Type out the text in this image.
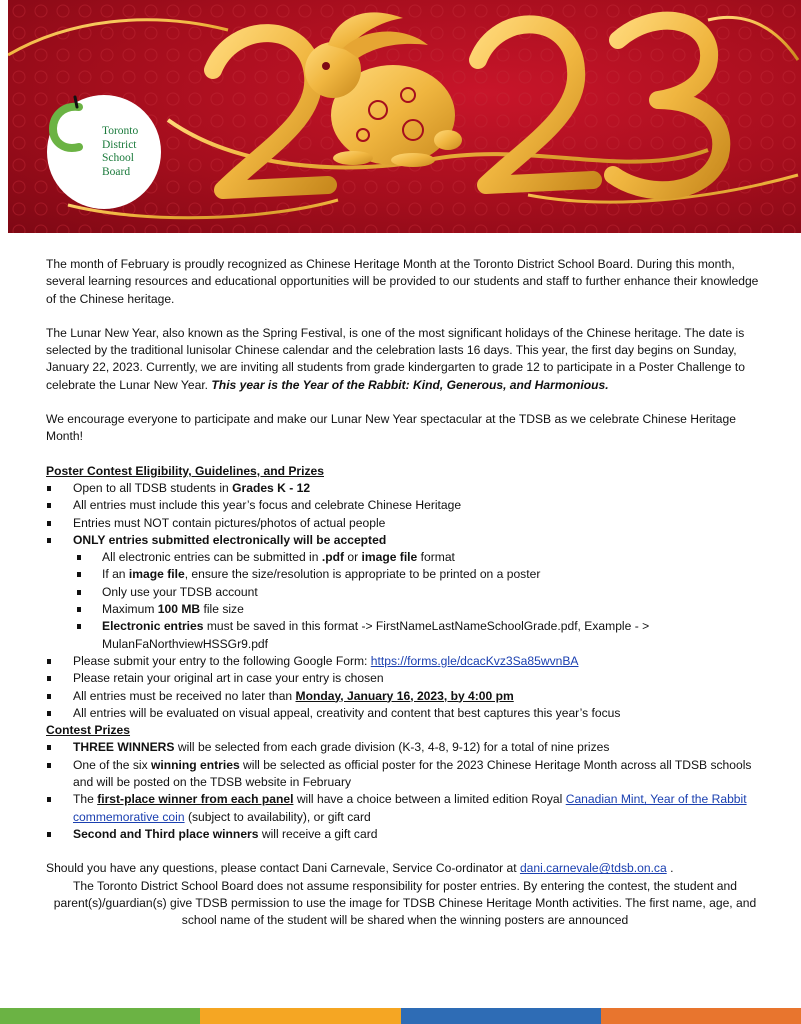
Toronto
District
School
Board

The month of February is proudly recognized as Chinese Heritage Month at the Toronto District School Board. During this month, several learning resources and educational opportunities will be provided to our students and staff to further enhance their knowledge of the Chinese heritage.

The Lunar New Year, also known as the Spring Festival, is one of the most significant holidays of the Chinese heritage. The date is selected by the traditional lunisolar Chinese calendar and the celebration lasts 16 days. This year, the first day begins on Sunday, January 22, 2023. Currently, we are inviting all students from grade kindergarten to grade 12 to participate in a Poster Challenge to celebrate the Lunar New Year. This year is the Year of the Rabbit: Kind, Generous, and Harmonious.

We encourage everyone to participate and make our Lunar New Year spectacular at the TDSB as we celebrate Chinese Heritage Month!

Poster Contest Eligibility, Guidelines, and Prizes
Open to all TDSB students in Grades K - 12
All entries must include this year’s focus and celebrate Chinese Heritage
Entries must NOT contain pictures/photos of actual people
ONLY entries submitted electronically will be accepted
All electronic entries can be submitted in .pdf or image file format
If an image file, ensure the size/resolution is appropriate to be printed on a poster
Only use your TDSB account
Maximum 100 MB file size
Electronic entries must be saved in this format -> FirstNameLastNameSchoolGrade.pdf, Example - > MulanFaNorthviewHSSGr9.pdf
Please submit your entry to the following Google Form: https://forms.gle/dcacKvz3Sa85wvnBA
Please retain your original art in case your entry is chosen
All entries must be received no later than Monday, January 16, 2023, by 4:00 pm
All entries will be evaluated on visual appeal, creativity and content that best captures this year’s focus
Contest Prizes
THREE WINNERS will be selected from each grade division (K-3, 4-8, 9-12) for a total of nine prizes
One of the six winning entries will be selected as official poster for the 2023 Chinese Heritage Month across all TDSB schools and will be posted on the TDSB website in February
The first-place winner from each panel will have a choice between a limited edition Royal Canadian Mint, Year of the Rabbit commemorative coin (subject to availability), or gift card
Second and Third place winners will receive a gift card

Should you have any questions, please contact Dani Carnevale, Service Co-ordinator at dani.carnevale@tdsb.on.ca .

The Toronto District School Board does not assume responsibility for poster entries. By entering the contest, the student and parent(s)/guardian(s) give TDSB permission to use the image for TDSB Chinese Heritage Month activities. The first name, age, and school name of the student will be shared when the winning posters are announced
